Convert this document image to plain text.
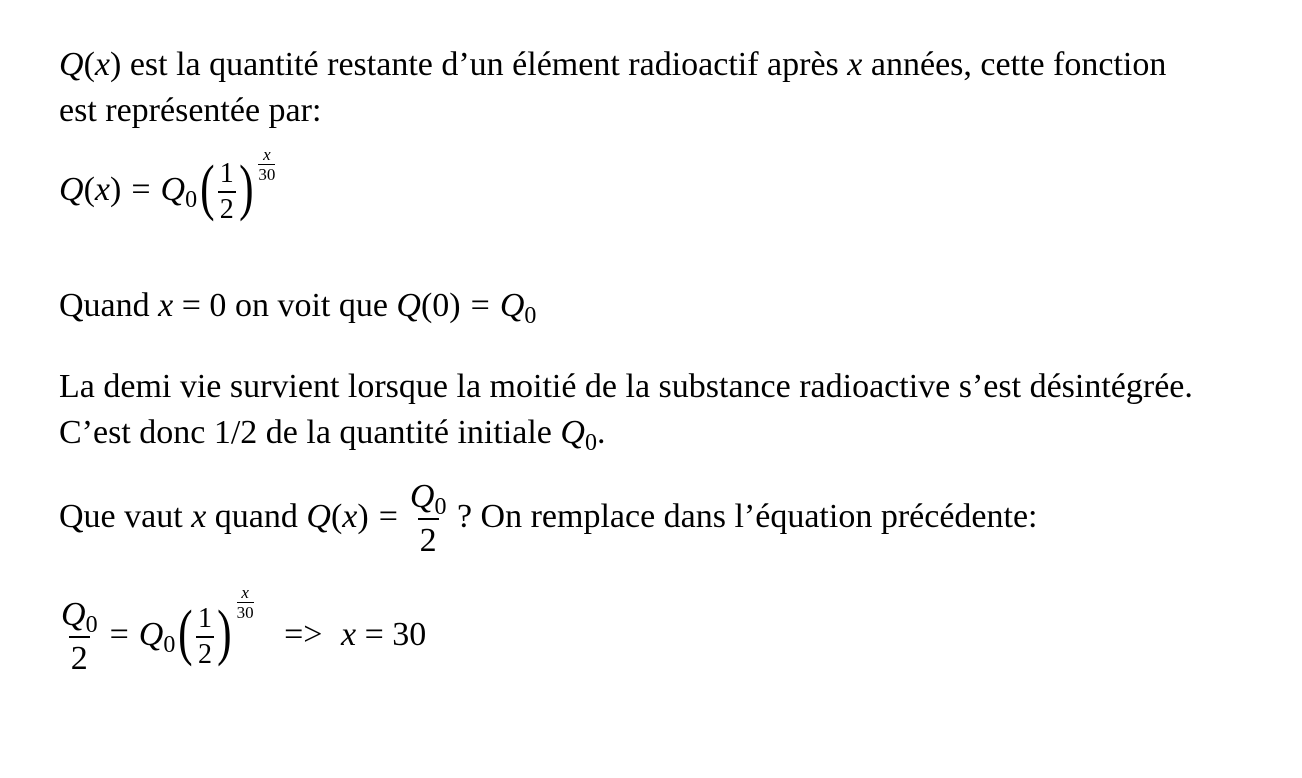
Q(x) est la quantité restante d’un élément radioactif après x années, cette fonction
est représentée par:
$Q(x) = Q_0( \frac{1}{2}$ ) $\frac{x}{30}$
Quand x = 0 on voit que $Q(0) = Q_0$
La demi vie survient lorsque la moitié de la substance radioactive s’est désintégrée.
C’est donc 1/2 de la quantité initiale $Q_0$.
Que vaut x quand $Q(x) = \frac{Q_0}{2}$ ? On remplace dans l’équation précédente:
$\frac{Q_0}{2} = Q_0( \frac{1}{2}$ ) $\frac{x}{30}$
=> x = 30
